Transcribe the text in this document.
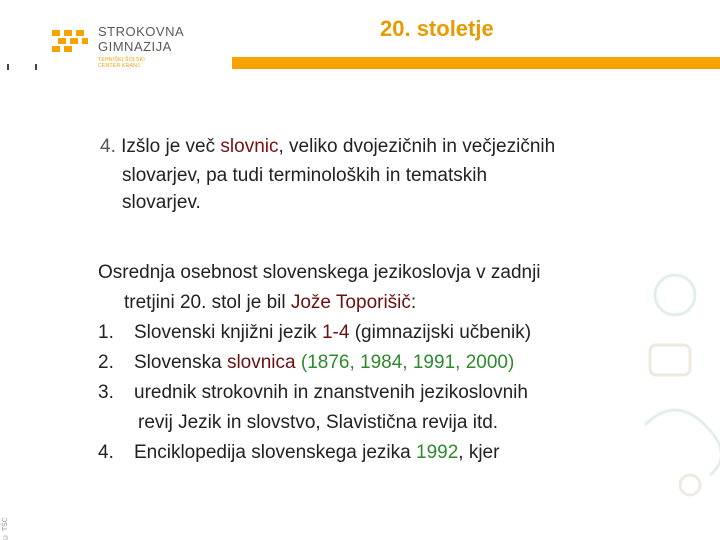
STROKOVNA
GIMNAZIJA
TEHNIŠKI ŠOLSKI
CENTER KRANJ
20. stoletje

4. Izšlo je več slovnic, veliko dvojezičnih in večjezičnih
slovarjev, pa tudi terminoloških in tematskih
slovarjev.

Osrednja osebnost slovenskega jezikoslovja v zadnji
tretjini 20. stol je bil Jože Toporišič:

1. Slovenski knjižni jezik 1-4 (gimnazijski učbenik)
2. Slovenska slovnica (1876, 1984, 1991, 2000)
3. urednik strokovnih in znanstvenih jezikoslovnih
revij Jezik in slovstvo, Slavistična revija itd.
4. Enciklopedija slovenskega jezika 1992, kjer
© TŠC
